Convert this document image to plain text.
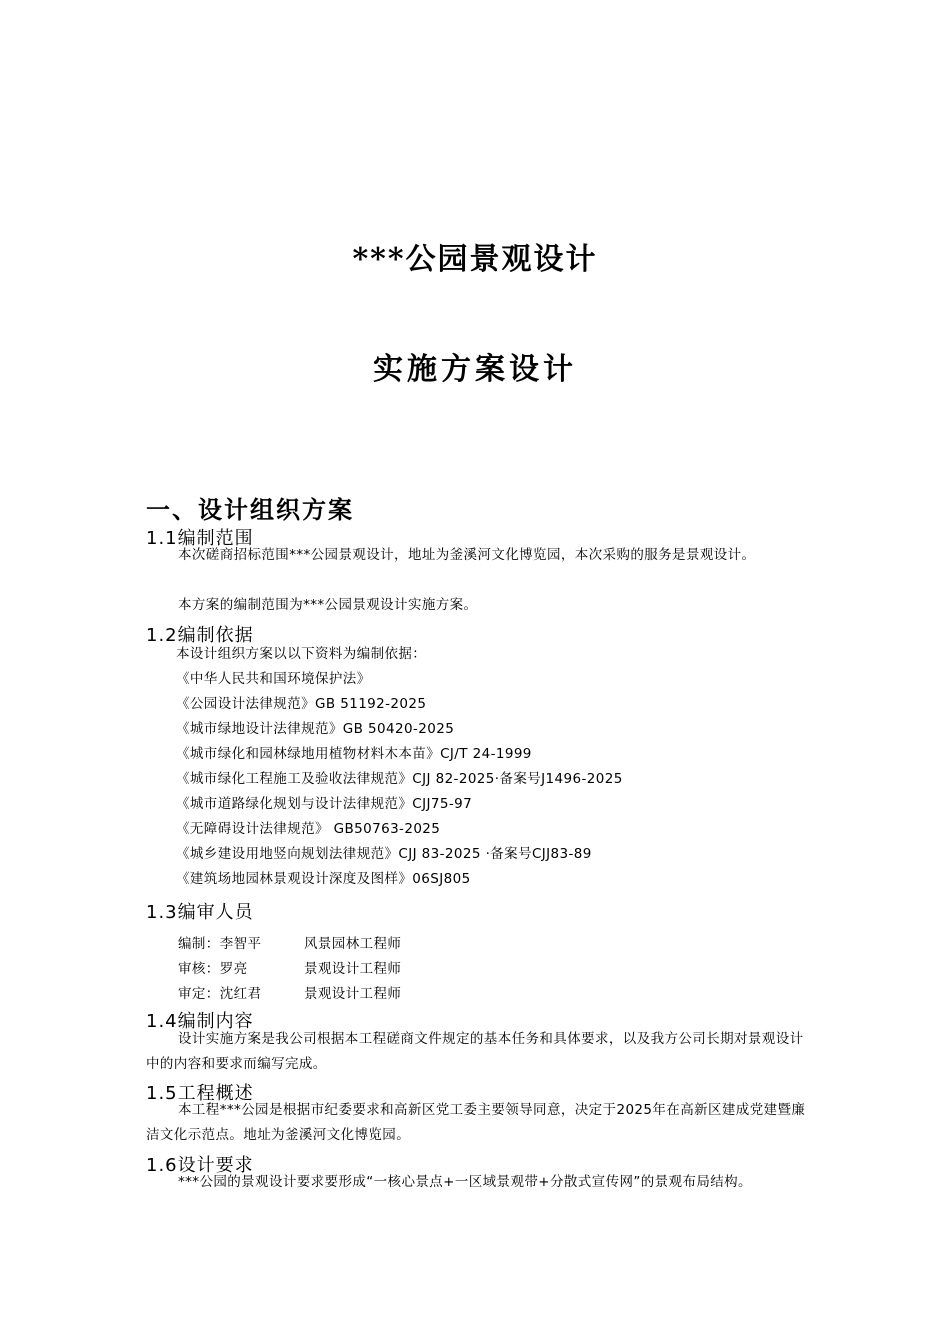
***公园景观设计
实施方案设计
一、设计组织方案
1.1编制范围
本次磋商招标范围***公园景观设计，地址为釜溪河文化博览园，本次采购的服务是景观设计。
本方案的编制范围为***公园景观设计实施方案。
1.2编制依据
本设计组织方案以以下资料为编制依据：
《中华人民共和国环境保护法》
《公园设计法律规范》GB 51192-2025
《城市绿地设计法律规范》GB 50420-2025
《城市绿化和园林绿地用植物材料木本苗》CJ/T 24-1999
《城市绿化工程施工及验收法律规范》CJJ 82-2025·备案号J1496-2025
《城市道路绿化规划与设计法律规范》CJJ75-97
《无障碍设计法律规范》 GB50763-2025
《城乡建设用地竖向规划法律规范》CJJ 83-2025 ·备案号CJJ83-89
《建筑场地园林景观设计深度及图样》06SJ805
1.3编审人员
编制：李智平	风景园林工程师
审核：罗亮	景观设计工程师
审定：沈红君	景观设计工程师
1.4编制内容
设计实施方案是我公司根据本工程磋商文件规定的基本任务和具体要求，以及我方公司长期对景观设计中的内容和要求而编写完成。
1.5工程概述
本工程***公园是根据市纪委要求和高新区党工委主要领导同意，决定于2025年在高新区建成党建暨廉洁文化示范点。地址为釜溪河文化博览园。
1.6设计要求
***公园的景观设计要求要形成“一核心景点+一区域景观带+分散式宣传网”的景观布局结构。
